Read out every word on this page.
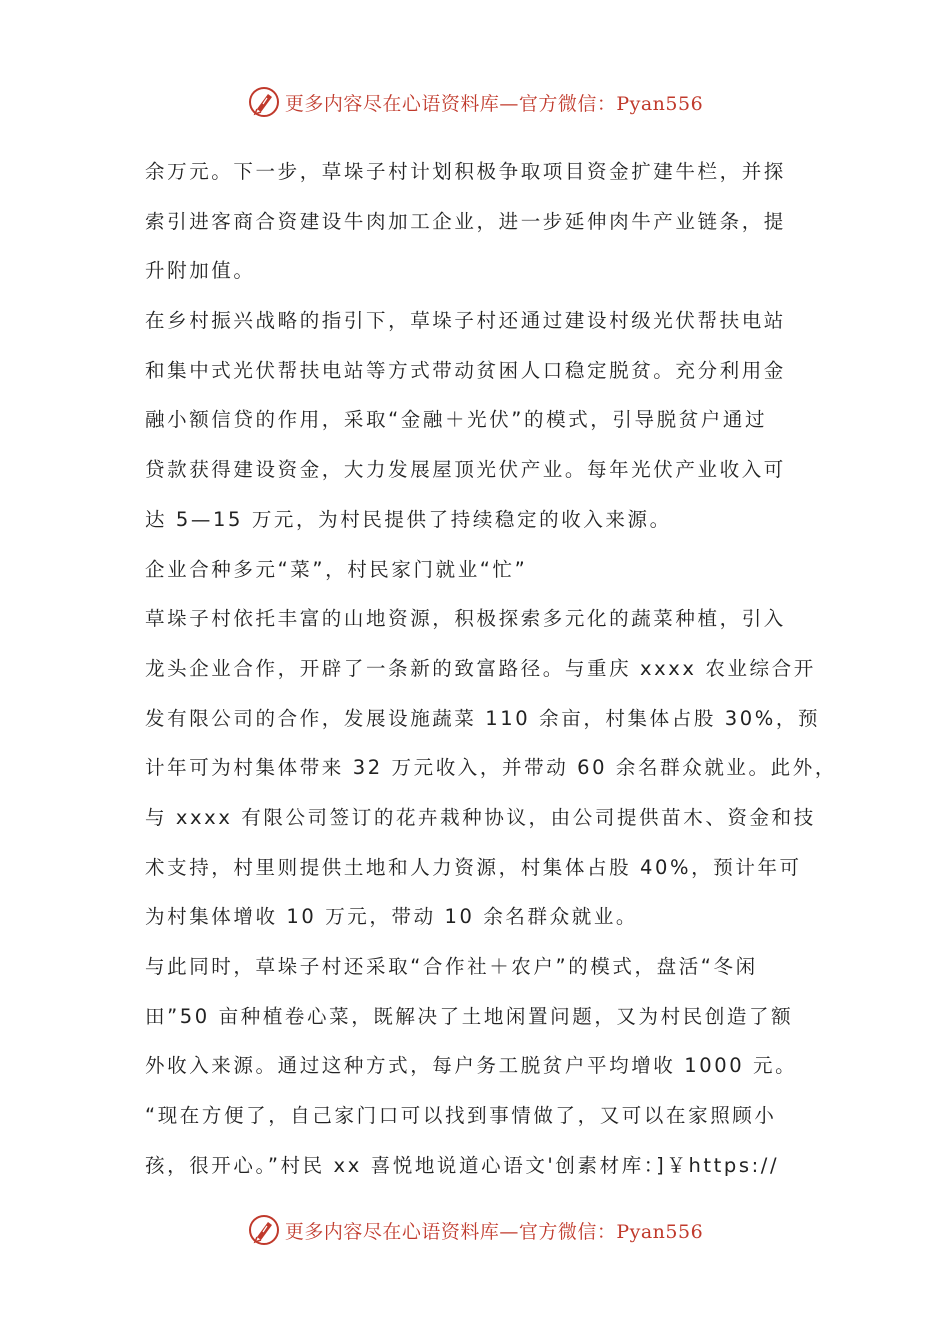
更多内容尽在心语资料库—官方微信：Pyan556
余万元。下一步，草垛子村计划积极争取项目资金扩建牛栏，并探
索引进客商合资建设牛肉加工企业，进一步延伸肉牛产业链条，提
升附加值。
在乡村振兴战略的指引下，草垛子村还通过建设村级光伏帮扶电站
和集中式光伏帮扶电站等方式带动贫困人口稳定脱贫。充分利用金
融小额信贷的作用，采取“金融＋光伏”的模式，引导脱贫户通过
贷款获得建设资金，大力发展屋顶光伏产业。每年光伏产业收入可
达 5—15 万元，为村民提供了持续稳定的收入来源。
企业合种多元“菜”，村民家门就业“忙”
草垛子村依托丰富的山地资源，积极探索多元化的蔬菜种植，引入
龙头企业合作，开辟了一条新的致富路径。与重庆 xxxx 农业综合开
发有限公司的合作，发展设施蔬菜 110 余亩，村集体占股 30%，预
计年可为村集体带来 32 万元收入，并带动 60 余名群众就业。此外，
与 xxxx 有限公司签订的花卉栽种协议，由公司提供苗木、资金和技
术支持，村里则提供土地和人力资源，村集体占股 40%，预计年可
为村集体增收 10 万元，带动 10 余名群众就业。
与此同时，草垛子村还采取“合作社＋农户”的模式，盘活“冬闲
田”50 亩种植卷心菜，既解决了土地闲置问题，又为村民创造了额
外收入来源。通过这种方式，每户务工脱贫户平均增收 1000 元。
“现在方便了，自己家门口可以找到事情做了，又可以在家照顾小
孩，很开心。”村民 xx 喜悦地说道心语文'创素材库：]￥https://
更多内容尽在心语资料库—官方微信：Pyan556
